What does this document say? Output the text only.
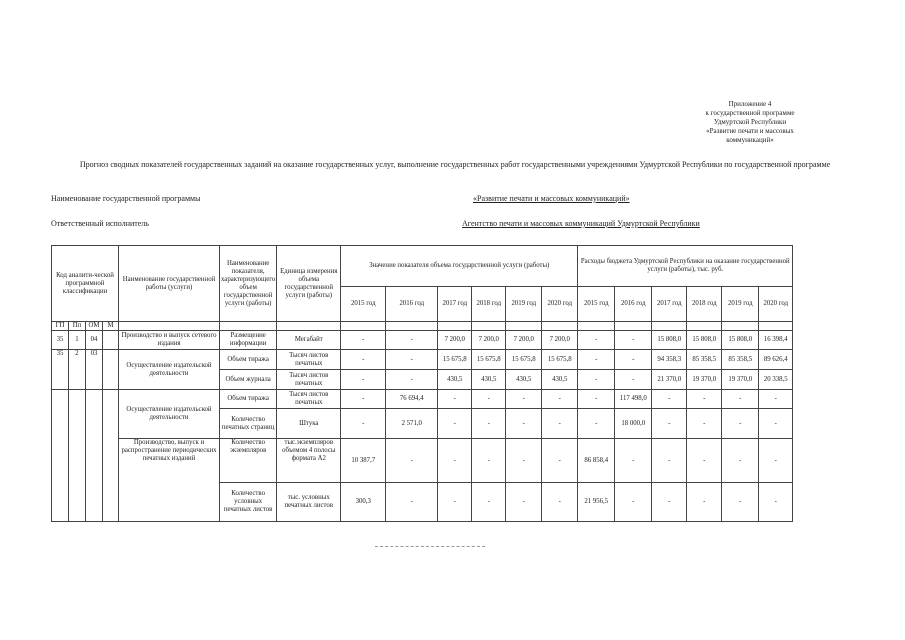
Приложение 4
к государственной программе
Удмуртской Республики
«Развитие печати и массовых
коммуникаций»
Прогноз сводных показателей государственных заданий на оказание государственных услуг, выполнение государственных работ государственными учреждениями Удмуртской Республики по государственной программе
Наименование государственной программы	«Развитие печати и массовых коммуникаций»
Ответственный исполнитель	Агентство печати и массовых коммуникаций Удмуртской Республики
Код аналити-ческой программной классификации				Наименование государственной работы (услуги)	Наименование показателя, характеризующего объем государственной услуги (работы)	Единица измерения объема государственной услуги (работы)	Значение показателя объема государственной услуги (работы)						Расходы бюджета Удмуртской Республики на оказание государственной услуги (работы), тыс. руб.					
							2015 год	2016 год	2017 год	2018 год	2019 год	2020 год	2015 год	2016 год	2017 год	2018 год	2019 год	2020 год
ГП	Пп	ОМ	М															
35	1	04		Производство и выпуск сетевого издания	Размещение информации	Мегабайт	-	-	7 200,0	7 200,0	7 200,0	7 200,0	-	-	15 808,0	15 808,0	15 808,0	16 398,4
35	2	03		Осуществление издательской деятельности	Объем тиража	Тысяч листов печатных	-	-	15 675,8	15 675,8	15 675,8	15 675,8	-	-	94 358,3	85 358,5	85 358,5	89 626,4
					Объем журнала	Тысяч листов печатных	-	-	430,5	430,5	430,5	430,5	-	-	21 370,0	19 370,0	19 370,0	20 338,5
				Осуществление издательской деятельности	Объем тиража	Тысяч листов печатных	-	76 694,4	-	-	-	-	-	117 498,0	-	-	-	-
					Количество печатных страниц	Штука	-	2 571,0	-	-	-	-	-	18 000,0	-	-	-	-
				Производство, выпуск и распространение периодических печатных изданий	Количество экземпляров	тыс.экземпляров объемом 4 полосы формата А2	10 387,7	-	-	-	-	-	86 858,4	-	-	-	-	-
					Количество условных печатных листов	тыс. условных печатных листов	300,3	-	-	-	-	-	21 956,5	-	-	-	-	-
